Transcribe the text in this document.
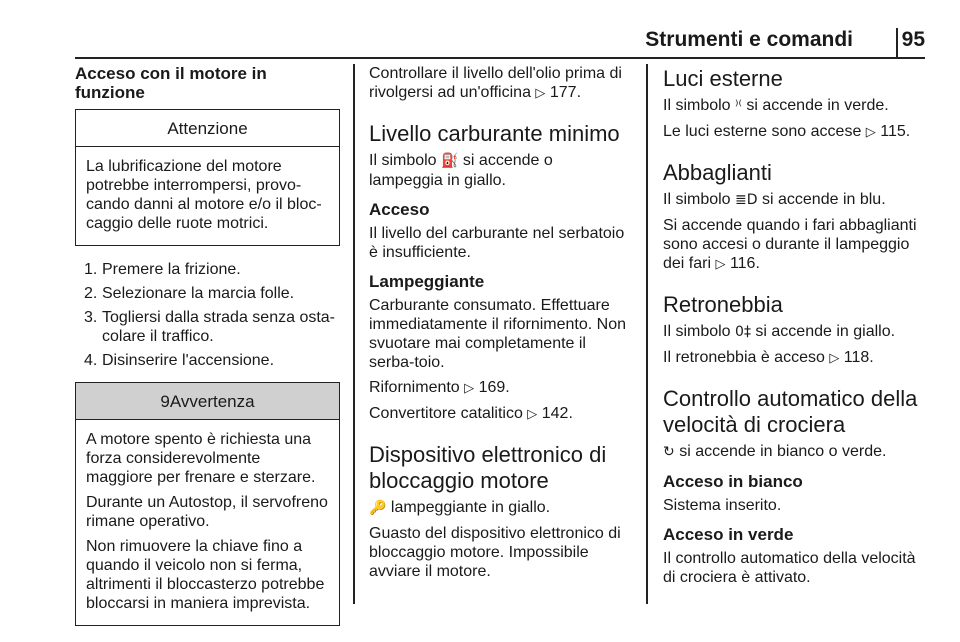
Strumenti e comandi 95
Acceso con il motore in funzione
Attenzione
La lubrificazione del motore potrebbe interrompersi, provo-cando danni al motore e/o il bloc-caggio delle ruote motrici.
1. Premere la frizione.
2. Selezionare la marcia folle.
3. Togliersi dalla strada senza osta-colare il traffico.
4. Disinserire l'accensione.
9Avvertenza
A motore spento è richiesta una forza considerevolmente maggiore per frenare e sterzare.
Durante un Autostop, il servofreno rimane operativo.
Non rimuovere la chiave fino a quando il veicolo non si ferma, altrimenti il bloccasterzo potrebbe bloccarsi in maniera imprevista.
Controllare il livello dell'olio prima di rivolgersi ad un'officina ▷ 177.
Livello carburante minimo
Il simbolo ⛽ si accende o lampeggia in giallo.
Acceso
Il livello del carburante nel serbatoio è insufficiente.
Lampeggiante
Carburante consumato. Effettuare immediatamente il rifornimento. Non svuotare mai completamente il serba-toio.
Rifornimento ▷ 169.
Convertitore catalitico ▷ 142.
Dispositivo elettronico di bloccaggio motore
🔑 lampeggiante in giallo.
Guasto del dispositivo elettronico di bloccaggio motore. Impossibile avviare il motore.
Luci esterne
Il simbolo ⁾⁽ si accende in verde.
Le luci esterne sono accese ▷ 115.
Abbaglianti
Il simbolo ≣D si accende in blu.
Si accende quando i fari abbaglianti sono accesi o durante il lampeggio dei fari ▷ 116.
Retronebbia
Il simbolo 0‡ si accende in giallo.
Il retronebbia è acceso ▷ 118.
Controllo automatico della velocità di crociera
↻ si accende in bianco o verde.
Acceso in bianco
Sistema inserito.
Acceso in verde
Il controllo automatico della velocità di crociera è attivato.
